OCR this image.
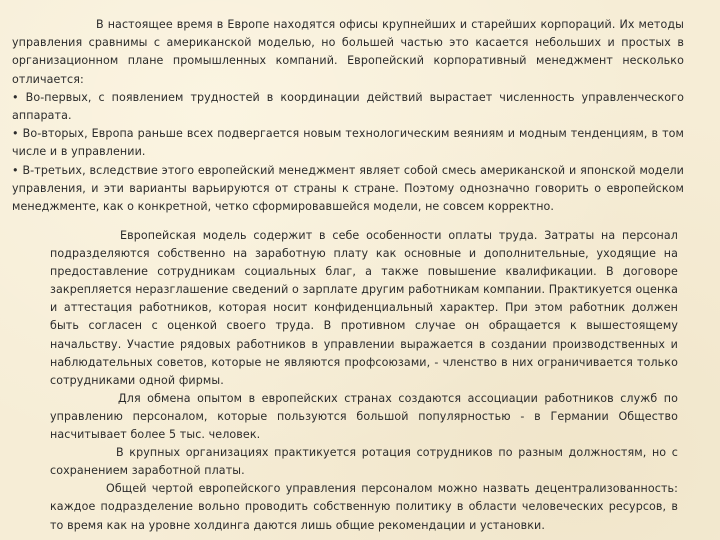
В настоящее время в Европе находятся офисы крупнейших и старейших корпораций. Их методы управления сравнимы с американской моделью, но большей частью это касается небольших и простых в организационном плане промышленных компаний. Европейский корпоративный менеджмент несколько отличается:

• Во-первых, с появлением трудностей в координации действий вырастает численность управленческого аппарата.

• Во-вторых, Европа раньше всех подвергается новым технологическим веяниям и модным тенденциям, в том числе и в управлении.

• В-третьих, вследствие этого европейский менеджмент являет собой смесь американской и японской модели управления, и эти варианты варьируются от страны к стране. Поэтому однозначно говорить о европейском менеджменте, как о конкретной, четко сформировавшейся модели, не совсем корректно.

Европейская модель содержит в себе особенности оплаты труда. Затраты на персонал подразделяются собственно на заработную плату как основные и дополнительные, уходящие на предоставление сотрудникам социальных благ, а также повышение квалификации. В договоре закрепляется неразглашение сведений о зарплате другим работникам компании. Практикуется оценка и аттестация работников, которая носит конфиденциальный характер. При этом работник должен быть согласен с оценкой своего труда. В противном случае он обращается к вышестоящему начальству. Участие рядовых работников в управлении выражается в создании производственных и наблюдательных советов, которые не являются профсоюзами, - членство в них ограничивается только сотрудниками одной фирмы.

Для обмена опытом в европейских странах создаются ассоциации работников служб по управлению персоналом, которые пользуются большой популярностью - в Германии Общество насчитывает более 5 тыс. человек.

В крупных организациях практикуется ротация сотрудников по разным должностям, но с сохранением заработной платы.

Общей чертой европейского управления персоналом можно назвать децентрализованность: каждое подразделение вольно проводить собственную политику в области человеческих ресурсов, в то время как на уровне холдинга даются лишь общие рекомендации и установки.
